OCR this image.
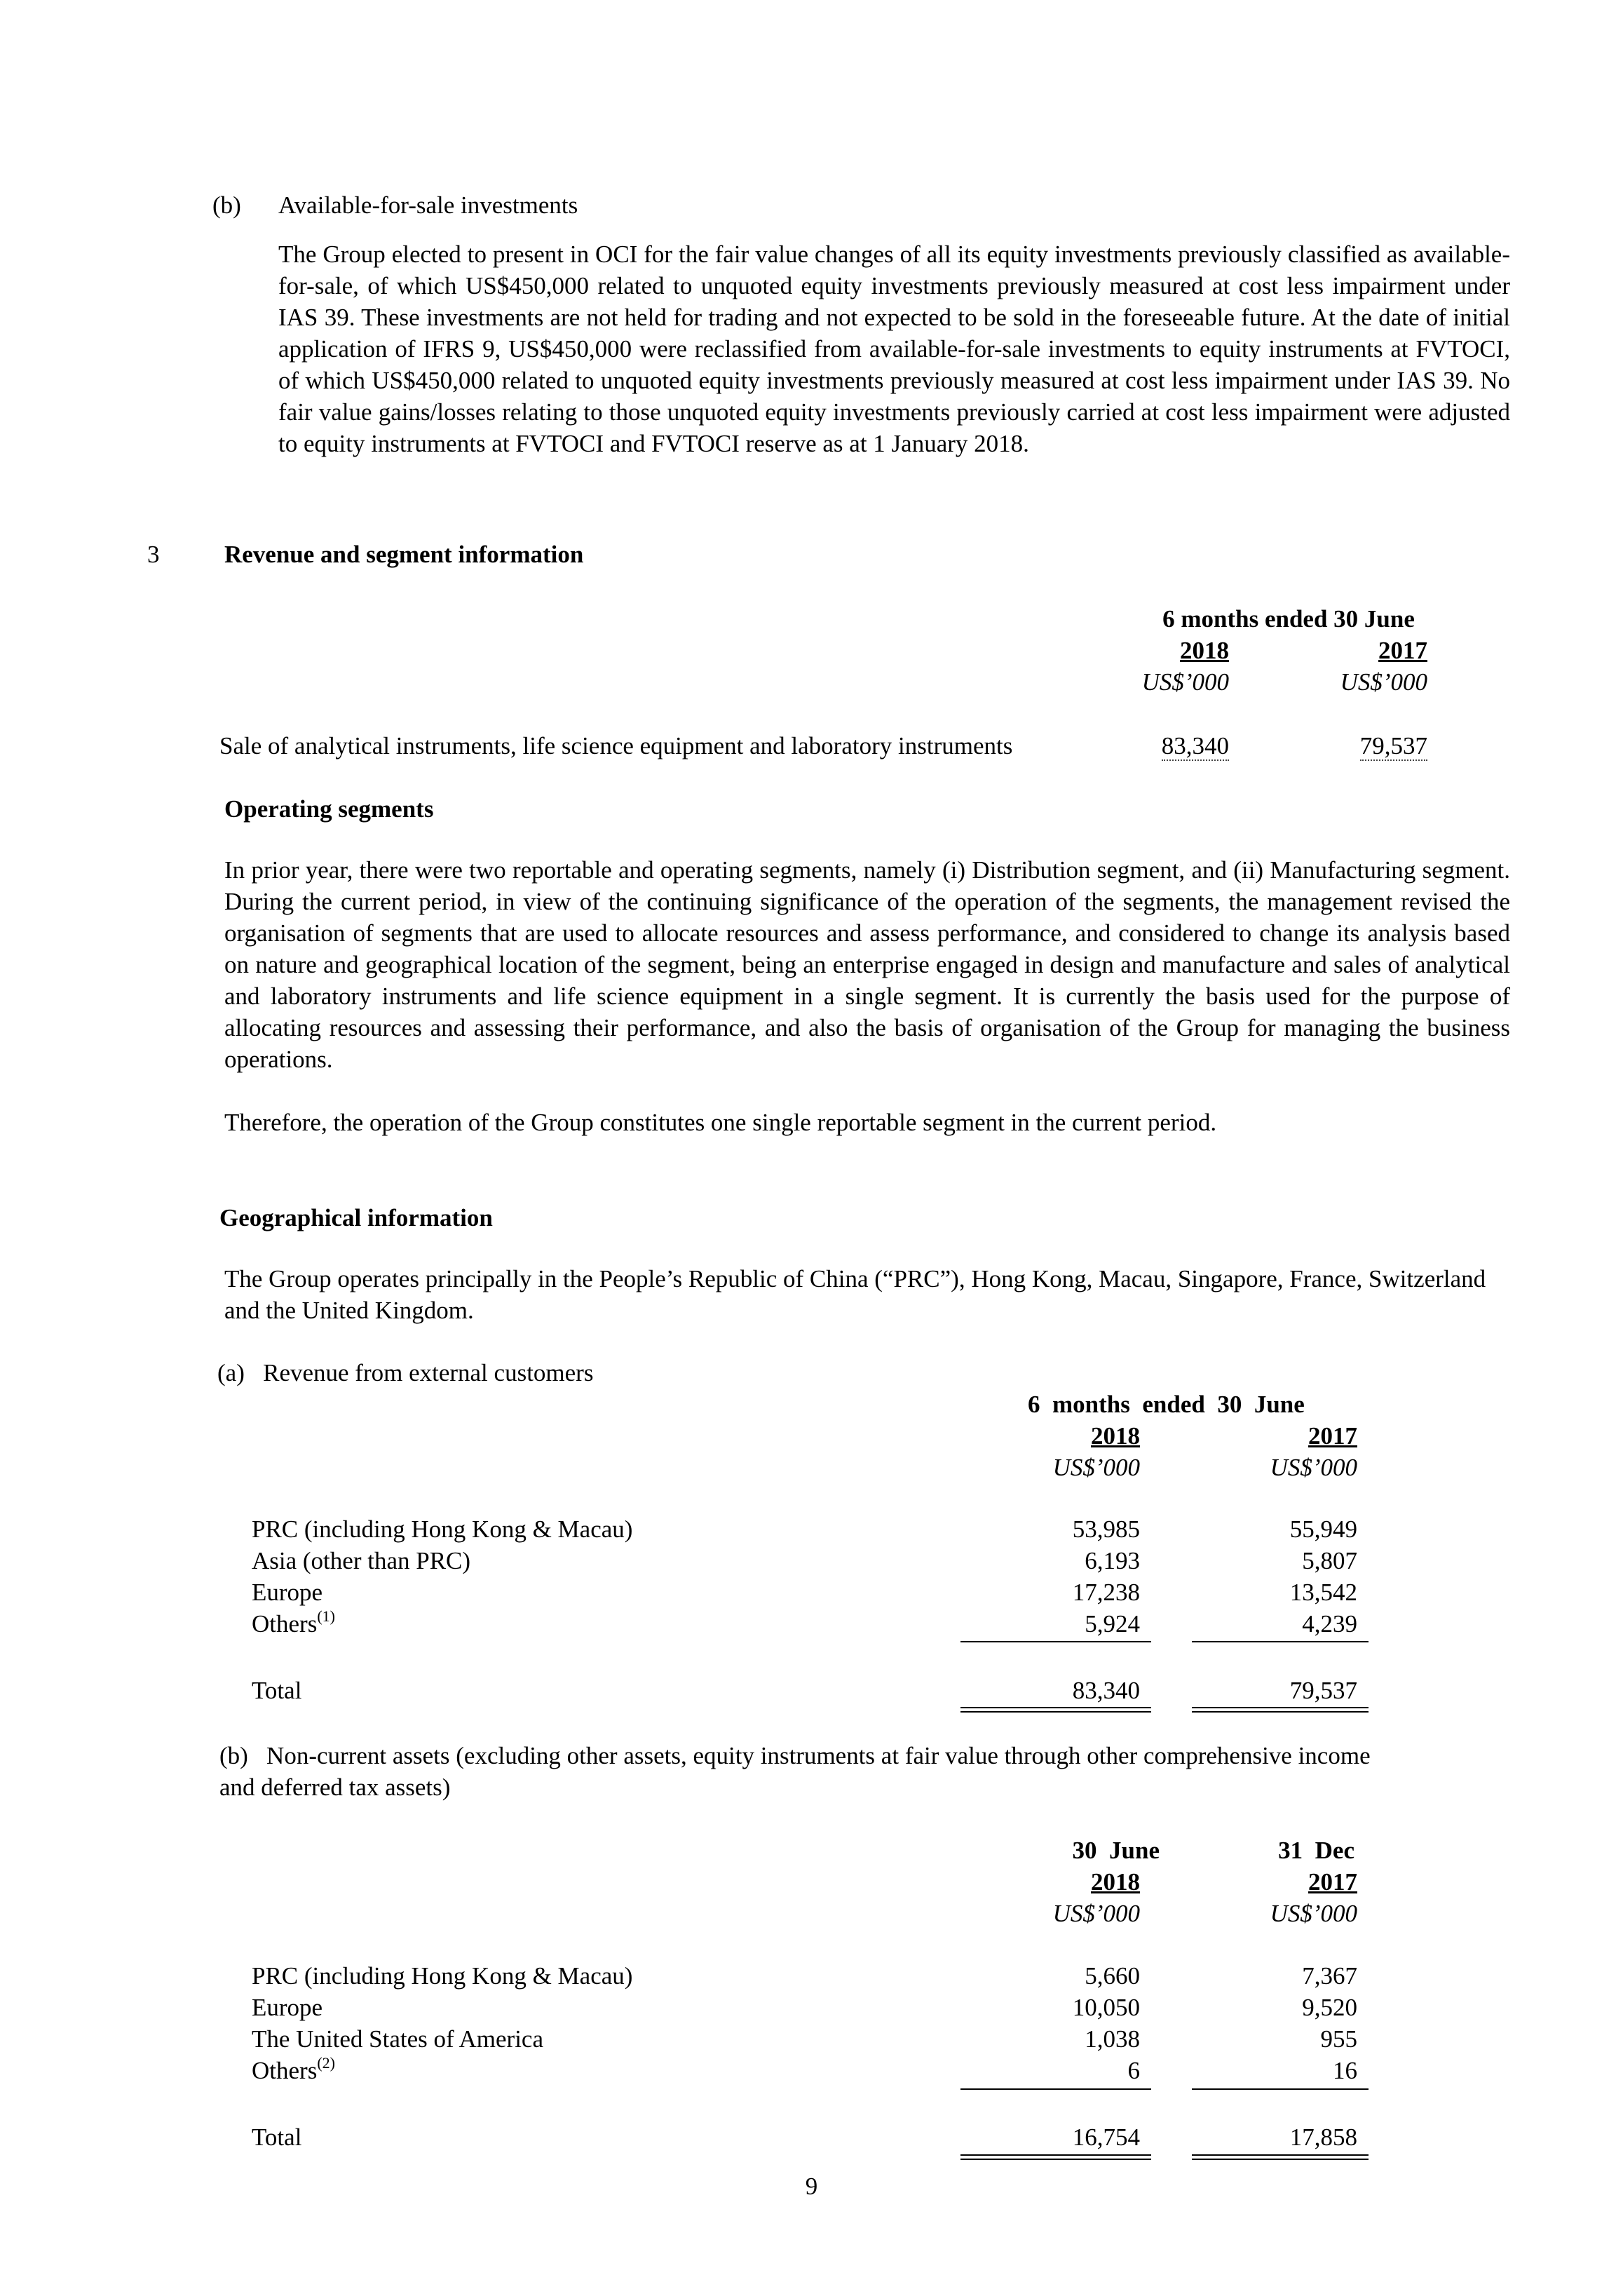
(b) Available-for-sale investments
The Group elected to present in OCI for the fair value changes of all its equity investments previously classified as available-for-sale, of which US$450,000 related to unquoted equity investments previously measured at cost less impairment under IAS 39. These investments are not held for trading and not expected to be sold in the foreseeable future. At the date of initial application of IFRS 9, US$450,000 were reclassified from available-for-sale investments to equity instruments at FVTOCI, of which US$450,000 related to unquoted equity investments previously measured at cost less impairment under IAS 39. No fair value gains/losses relating to those unquoted equity investments previously carried at cost less impairment were adjusted to equity instruments at FVTOCI and FVTOCI reserve as at 1 January 2018.
3	Revenue and segment information
6 months ended 30 June
2018	2017
US$’000	US$’000
Sale of analytical instruments, life science equipment and laboratory instruments	83,340	79,537
Operating segments
In prior year, there were two reportable and operating segments, namely (i) Distribution segment, and (ii) Manufacturing segment. During the current period, in view of the continuing significance of the operation of the segments, the management revised the organisation of segments that are used to allocate resources and assess performance, and considered to change its analysis based on nature and geographical location of the segment, being an enterprise engaged in design and manufacture and sales of analytical and laboratory instruments and life science equipment in a single segment. It is currently the basis used for the purpose of allocating resources and assessing their performance, and also the basis of organisation of the Group for managing the business operations.
Therefore, the operation of the Group constitutes one single reportable segment in the current period.
Geographical information
The Group operates principally in the People’s Republic of China (“PRC”), Hong Kong, Macau, Singapore, France, Switzerland and the United Kingdom.
(a)   Revenue from external customers
6  months  ended  30  June
2018	2017
US$’000	US$’000
PRC (including Hong Kong & Macau)	53,985	55,949
Asia (other than PRC)	6,193	5,807
Europe	17,238	13,542
Others$^{(1)}$	5,924	4,239
Total	83,340	79,537
(b)   Non-current assets (excluding other assets, equity instruments at fair value through other comprehensive income
and deferred tax assets)
30  June	31  Dec
2018	2017
US$’000	US$’000
PRC (including Hong Kong & Macau)	5,660	7,367
Europe	10,050	9,520
The United States of America	1,038	955
Others$^{(2)}$	6	16
Total	16,754	17,858
9
